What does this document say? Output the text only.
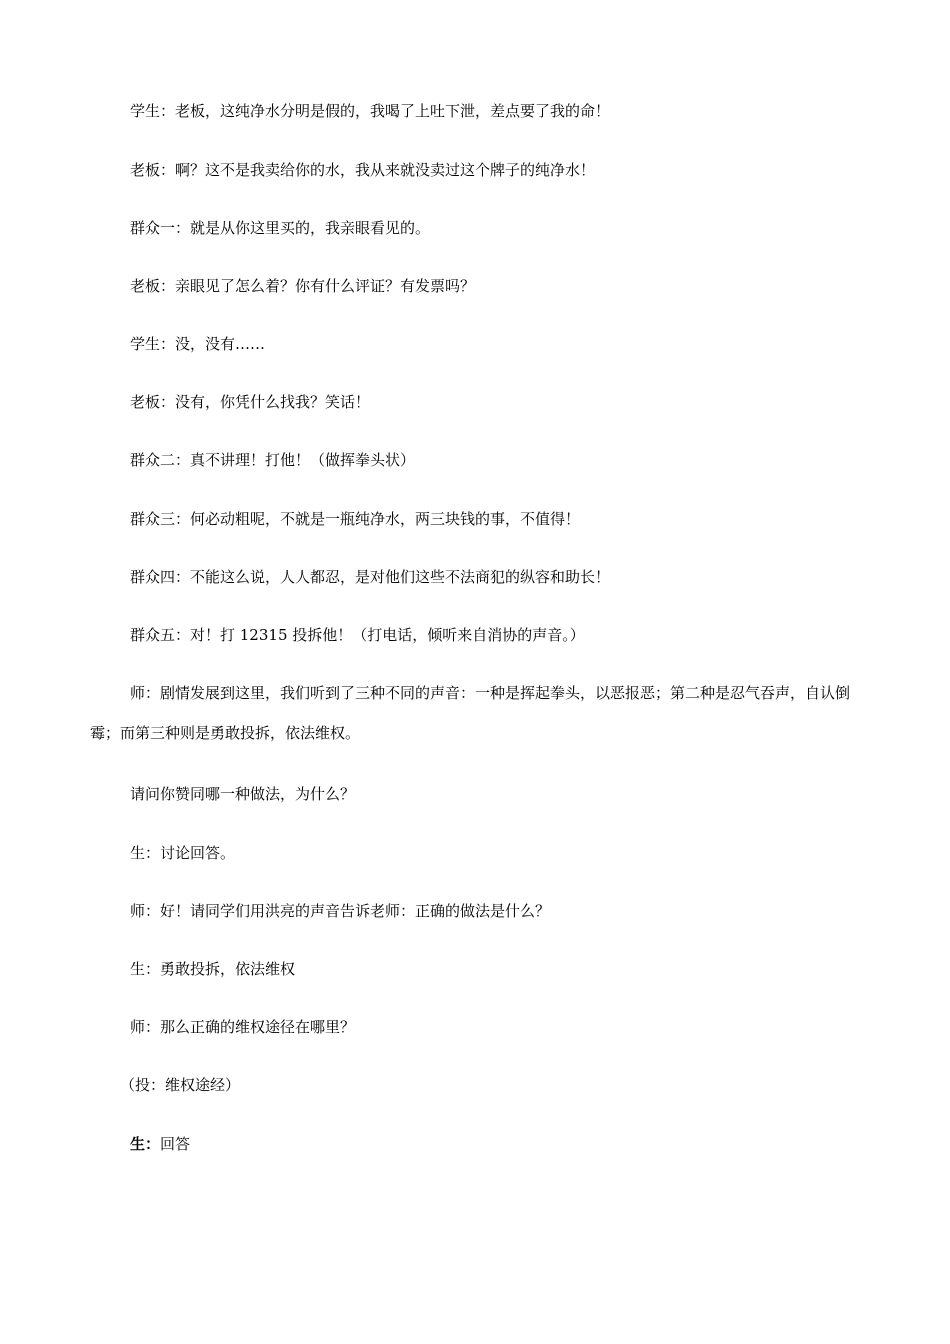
学生：老板，这纯净水分明是假的，我喝了上吐下泄，差点要了我的命！

老板：啊？这不是我卖给你的水，我从来就没卖过这个牌子的纯净水！

群众一：就是从你这里买的，我亲眼看见的。

老板：亲眼见了怎么着？你有什么评证？有发票吗？

学生：没，没有……

老板：没有，你凭什么找我？笑话！

群众二：真不讲理！打他！（做挥拳头状）

群众三：何必动粗呢，不就是一瓶纯净水，两三块钱的事，不值得！

群众四：不能这么说，人人都忍，是对他们这些不法商犯的纵容和助长！

群众五：对！打 12315 投拆他！（打电话，倾听来自消协的声音。）

师：剧情发展到这里，我们听到了三种不同的声音：一种是挥起拳头，以恶报恶；第二种是忍气吞声，自认倒霉；而第三种则是勇敢投拆，依法维权。

请问你赞同哪一种做法，为什么？

生：讨论回答。

师：好！请同学们用洪亮的声音告诉老师：正确的做法是什么？

生：勇敢投拆，依法维权

师：那么正确的维权途径在哪里？

（投：维权途经）

生：回答
